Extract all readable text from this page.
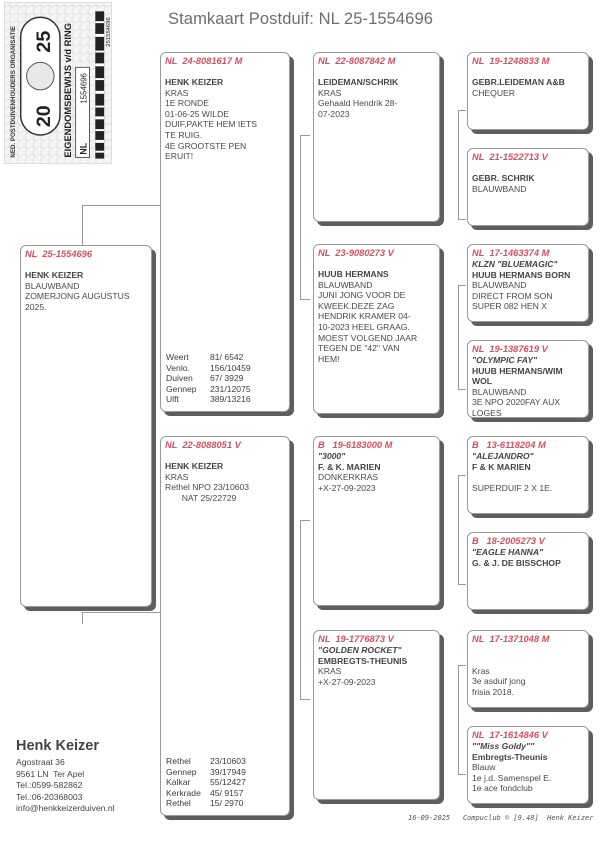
Stamkaart Postduif: NL 25-1554696
NED. POSTDUIVENHOUDERS ORGANISATIE 20
25 EIGENDOMSBEWIJS v/d RING NL
1554696
251554696
NL  25-1554696
HENK KEIZER
BLAUWBAND
ZOMERJONG AUGUSTUS
2025.
NL  24-8081617 M
HENK KEIZER
KRAS
1E RONDE
01-06-25 WILDE
DUIF,PAKTE HEM IETS
TE RUIG.
4E GROOTSTE PEN
ERUIT!
Weert	81/ 6542
Venlo.	156/10459
Duiven	67/ 3929
Gennep	231/12075
Ulft	389/13216
NL  22-8088051 V
HENK KEIZER
KRAS
Rethel NPO 23/10603
NAT 25/22729
Rethel	23/10603
Gennep	39/17949
Kalkar	55/12427
Kerkrade	45/ 9157
Rethel	15/ 2970
NL  22-8087842 M
LEIDEMAN/SCHRIK
KRAS
Gehaald Hendrik 28-
07-2023
NL  23-9080273 V
HUUB HERMANS
BLAUWBAND
JUNI JONG VOOR DE
KWEEK.DEZE ZAG
HENDRIK KRAMER 04-
10-2023 HEEL GRAAG.
MOEST VOLGEND JAAR
TEGEN DE "42" VAN
HEM!
B   19-6183000 M
"3000"
F. & K. MARIEN
DONKERKRAS
+X-27-09-2023
NL  19-1776873 V
"GOLDEN ROCKET"
EMBREGTS-THEUNIS
KRAS
+X-27-09-2023
NL  19-1248833 M
GEBR.LEIDEMAN A&B
CHEQUER
NL  21-1522713 V
GEBR. SCHRIK
BLAUWBAND
NL  17-1463374 M
KLZN "BLUEMAGIC"
HUUB HERMANS BORN
BLAUWBAND
DIRECT FROM SON
SUPER 082 HEN X
NL  19-1387619 V
"OLYMPIC FAY"
HUUB HERMANS/WIM WOL
BLAUWBAND
3E NPO 2020FAY AUX
LOGES
B   13-6118204 M
"ALEJANDRO"
F & K MARIEN
SUPERDUIF 2 X 1E.
B   18-2005273 V
"EAGLE HANNA"
G. & J. DE BISSCHOP
NL  17-1371048 M
Kras
3e asduif jong
frisia 2018.
NL  17-1614846 V
""Miss Goldy""
Embregts-Theunis
Blauw
1e j.d. Samenspel E.
1e ace fondclub
Henk Keizer
Agostraat 36
9561 LN  Ter Apel
Tel.:0599-582862
Tel.:06-20368003
info@henkkeizerduiven.nl
16-09-2025 Compuclub © [9.48] Henk Keizer
